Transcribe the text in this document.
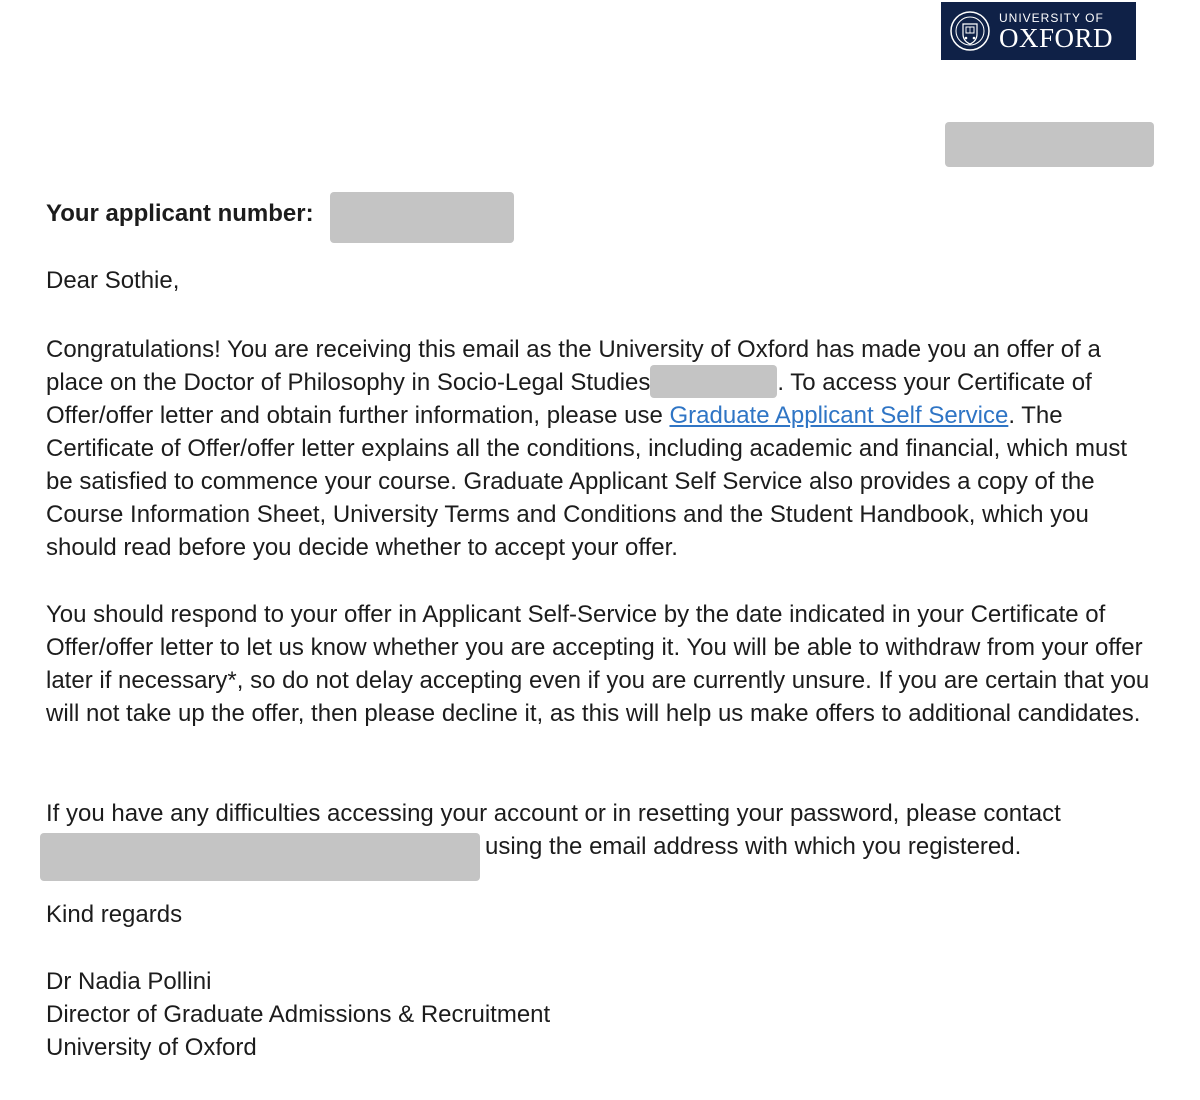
UNIVERSITY OF
OXFORD
Your applicant number:
Dear Sothie,
Congratulations! You are receiving this email as the University of Oxford has made you an offer of a place on the Doctor of Philosophy in Socio-Legal Studies	. To access your Certificate of Offer/offer letter and obtain further information, please use Graduate Applicant Self Service. The Certificate of Offer/offer letter explains all the conditions, including academic and financial, which must be satisfied to commence your course. Graduate Applicant Self Service also provides a copy of the Course Information Sheet, University Terms and Conditions and the Student Handbook, which you should read before you decide whether to accept your offer.
You should respond to your offer in Applicant Self-Service by the date indicated in your Certificate of Offer/offer letter to let us know whether you are accepting it. You will be able to withdraw from your offer later if necessary*, so do not delay accepting even if you are currently unsure. If you are certain that you will not take up the offer, then please decline it, as this will help us make offers to additional candidates.
If you have any difficulties accessing your account or in resetting your password, please contact using the email address with which you registered.
Kind regards
Dr Nadia Pollini
Director of Graduate Admissions & Recruitment
University of Oxford
